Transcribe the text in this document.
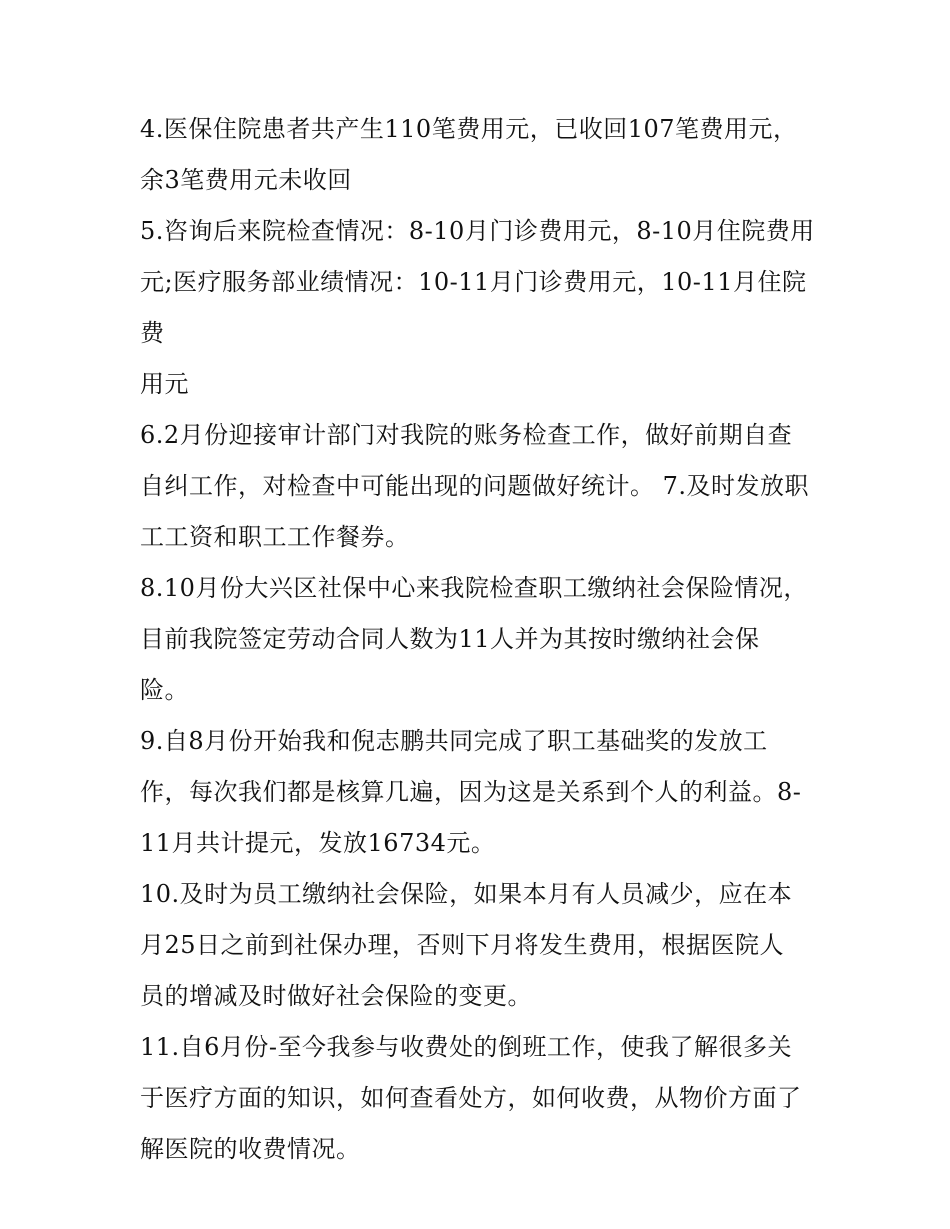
4.医保住院患者共产生110笔费用元，已收回107笔费用元，
余3笔费用元未收回

5.咨询后来院检查情况：8-10月门诊费用元，8-10月住院费用
元;医疗服务部业绩情况：10-11月门诊费用元，10-11月住院费
用元

6.2月份迎接审计部门对我院的账务检查工作，做好前期自查
自纠工作，对检查中可能出现的问题做好统计。 7.及时发放职
工工资和职工工作餐券。

8.10月份大兴区社保中心来我院检查职工缴纳社会保险情况，
目前我院签定劳动合同人数为11人并为其按时缴纳社会保
险。

9.自8月份开始我和倪志鹏共同完成了职工基础奖的发放工
作，每次我们都是核算几遍，因为这是关系到个人的利益。8-
11月共计提元，发放16734元。

10.及时为员工缴纳社会保险，如果本月有人员减少，应在本
月25日之前到社保办理，否则下月将发生费用，根据医院人
员的增减及时做好社会保险的变更。

11.自6月份-至今我参与收费处的倒班工作，使我了解很多关
于医疗方面的知识，如何查看处方，如何收费，从物价方面了
解医院的收费情况。
